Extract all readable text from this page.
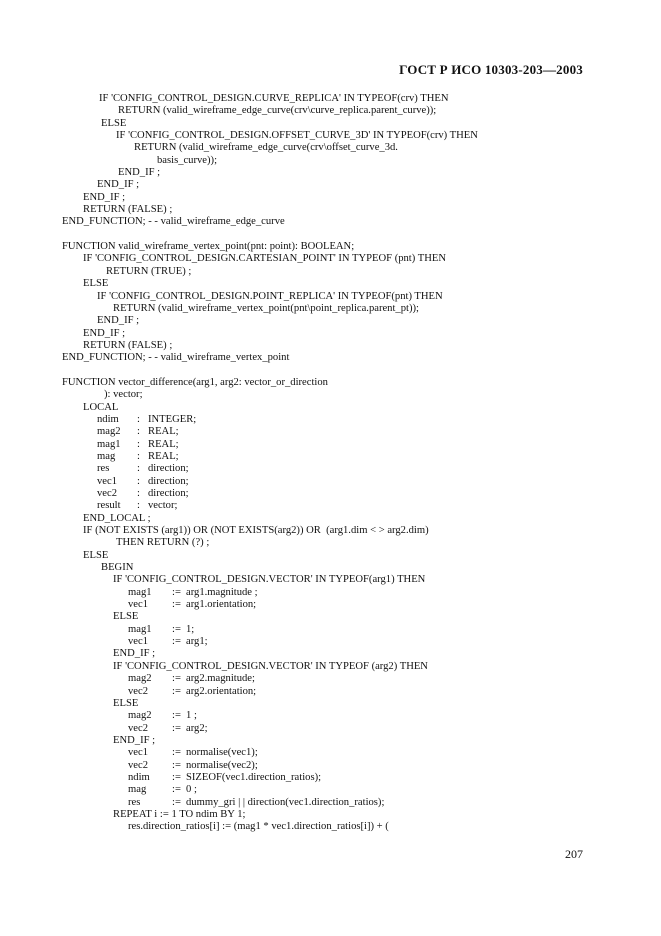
ГОСТ Р ИСО 10303-203—2003
IF 'CONFIG_CONTROL_DESIGN.CURVE_REPLICA' IN TYPEOF(crv) THEN
RETURN (valid_wireframe_edge_curve(crv\curve_replica.parent_curve));
ELSE
IF 'CONFIG_CONTROL_DESIGN.OFFSET_CURVE_3D' IN TYPEOF(crv) THEN
RETURN (valid_wireframe_edge_curve(crv\offset_curve_3d.
basis_curve));
END_IF ;
END_IF ;
END_IF ;
RETURN (FALSE) ;
END_FUNCTION; - - valid_wireframe_edge_curve
FUNCTION valid_wireframe_vertex_point(pnt: point): BOOLEAN;
IF 'CONFIG_CONTROL_DESIGN.CARTESIAN_POINT' IN TYPEOF (pnt) THEN
RETURN (TRUE) ;
ELSE
IF 'CONFIG_CONTROL_DESIGN.POINT_REPLICA' IN TYPEOF(pnt) THEN
RETURN (valid_wireframe_vertex_point(pnt\point_replica.parent_pt));
END_IF ;
END_IF ;
RETURN (FALSE) ;
END_FUNCTION; - - valid_wireframe_vertex_point
FUNCTION vector_difference(arg1, arg2: vector_or_direction
): vector;
LOCAL
ndim : INTEGER;
mag2 : REAL;
mag1 : REAL;
mag : REAL;
res	: direction;
vec1 : direction;
vec2 : direction;
result : vector;
END_LOCAL ;
IF (NOT EXISTS (arg1)) OR (NOT EXISTS(arg2)) OR  (arg1.dim < > arg2.dim)
THEN RETURN (?) ;
ELSE
BEGIN
IF 'CONFIG_CONTROL_DESIGN.VECTOR' IN TYPEOF(arg1) THEN
mag1 := arg1.magnitude ;
vec1 := arg1.orientation;
ELSE
mag1 := 1;
vec1 := arg1;
END_IF ;
IF 'CONFIG_CONTROL_DESIGN.VECTOR' IN TYPEOF (arg2) THEN
mag2 := arg2.magnitude;
vec2 := arg2.orientation;
ELSE
mag2 := 1 ;
vec2 := arg2;
END_IF ;
vec1 := normalise(vec1);
vec2 := normalise(vec2);
ndim := SIZEOF(vec1.direction_ratios);
mag := 0 ;
res	:= dummy_gri | | direction(vec1.direction_ratios);
REPEAT i := 1 TO ndim BY 1;
res.direction_ratios[i] := (mag1 * vec1.direction_ratios[i]) + (
207
